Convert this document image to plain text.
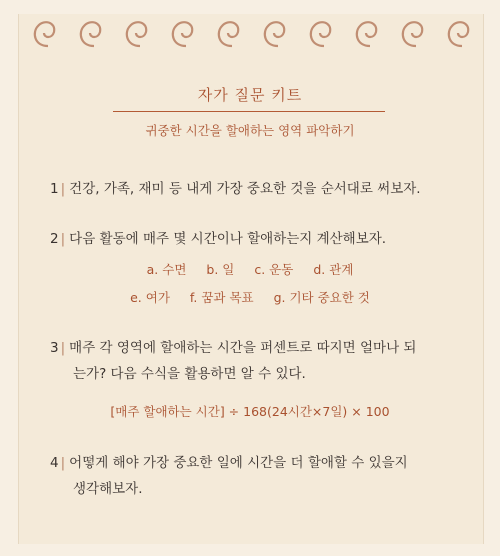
자가 질문 키트
귀중한 시간을 할애하는 영역 파악하기
1 | 건강, 가족, 재미 등 내게 가장 중요한 것을 순서대로 써보자.
2 | 다음 활동에 매주 몇 시간이나 할애하는지 계산해보자.
a. 수면 b. 일 c. 운동 d. 관계
e. 여가 f. 꿈과 목표 g. 기타 중요한 것
3 | 매주 각 영역에 할애하는 시간을 퍼센트로 따지면 얼마나 되
는가? 다음 수식을 활용하면 알 수 있다.
[매주 할애하는 시간] ÷ 168(24시간×7일) × 100
4 | 어떻게 해야 가장 중요한 일에 시간을 더 할애할 수 있을지
생각해보자.
